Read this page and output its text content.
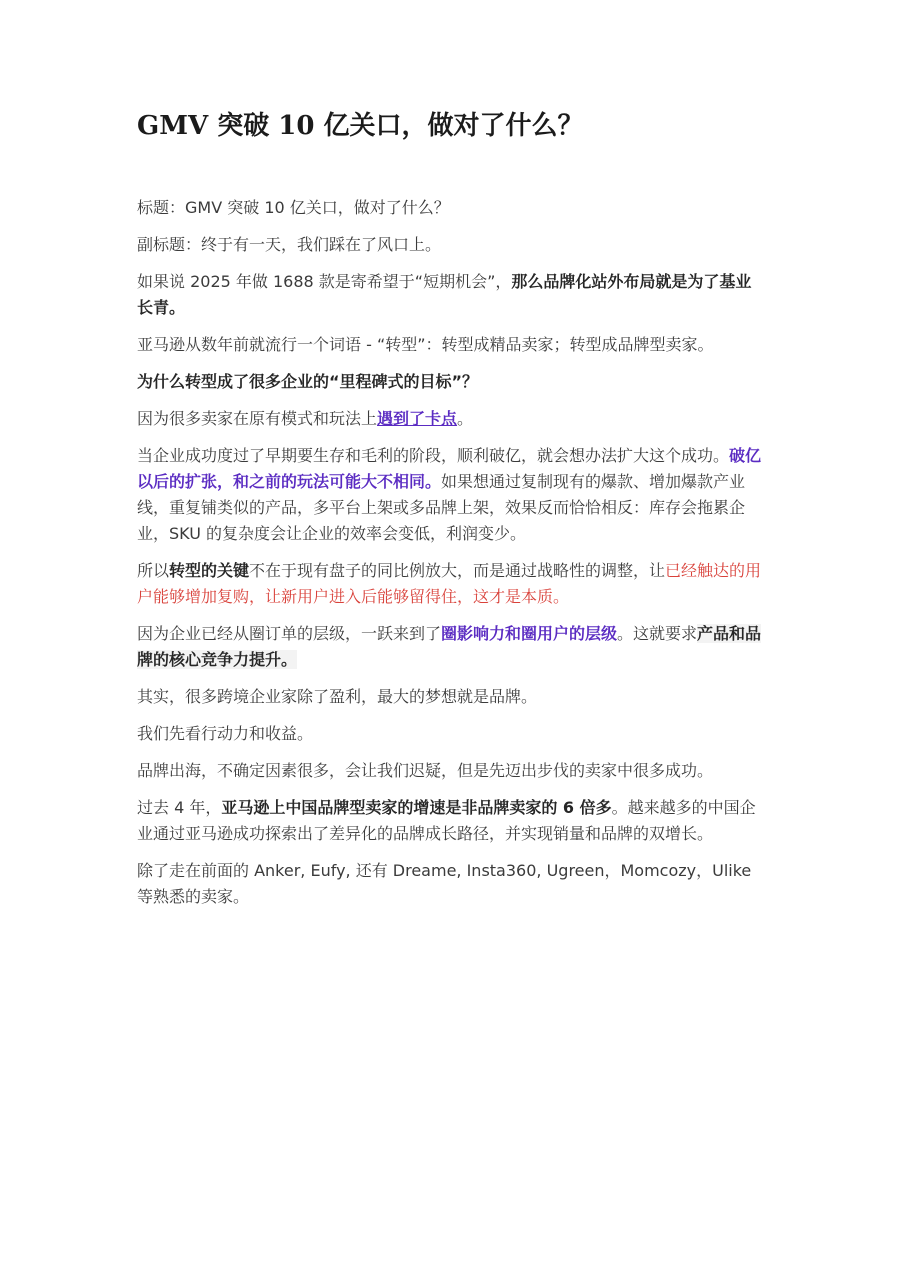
GMV 突破 10 亿关口，做对了什么？

标题：GMV 突破 10 亿关口，做对了什么？

副标题：终于有一天，我们踩在了风口上。

如果说 2025 年做 1688 款是寄希望于“短期机会”，那么品牌化站外布局就是为了基业长青。

亚马逊从数年前就流行一个词语 - “转型”：转型成精品卖家；转型成品牌型卖家。

为什么转型成了很多企业的“里程碑式的目标”？

因为很多卖家在原有模式和玩法上遇到了卡点。

当企业成功度过了早期要生存和毛利的阶段，顺利破亿，就会想办法扩大这个成功。破亿以后的扩张，和之前的玩法可能大不相同。如果想通过复制现有的爆款、增加爆款产业线，重复铺类似的产品，多平台上架或多品牌上架，效果反而恰恰相反：库存会拖累企业，SKU 的复杂度会让企业的效率会变低，利润变少。

所以转型的关键不在于现有盘子的同比例放大，而是通过战略性的调整，让已经触达的用户能够增加复购，让新用户进入后能够留得住，这才是本质。

因为企业已经从圈订单的层级，一跃来到了圈影响力和圈用户的层级。这就要求产品和品牌的核心竞争力提升。

其实，很多跨境企业家除了盈利，最大的梦想就是品牌。

我们先看行动力和收益。

品牌出海，不确定因素很多，会让我们迟疑，但是先迈出步伐的卖家中很多成功。

过去 4 年，亚马逊上中国品牌型卖家的增速是非品牌卖家的 6 倍多。越来越多的中国企业通过亚马逊成功探索出了差异化的品牌成长路径，并实现销量和品牌的双增长。

除了走在前面的 Anker, Eufy, 还有 Dreame, Insta360, Ugreen，Momcozy，Ulike 等熟悉的卖家。
